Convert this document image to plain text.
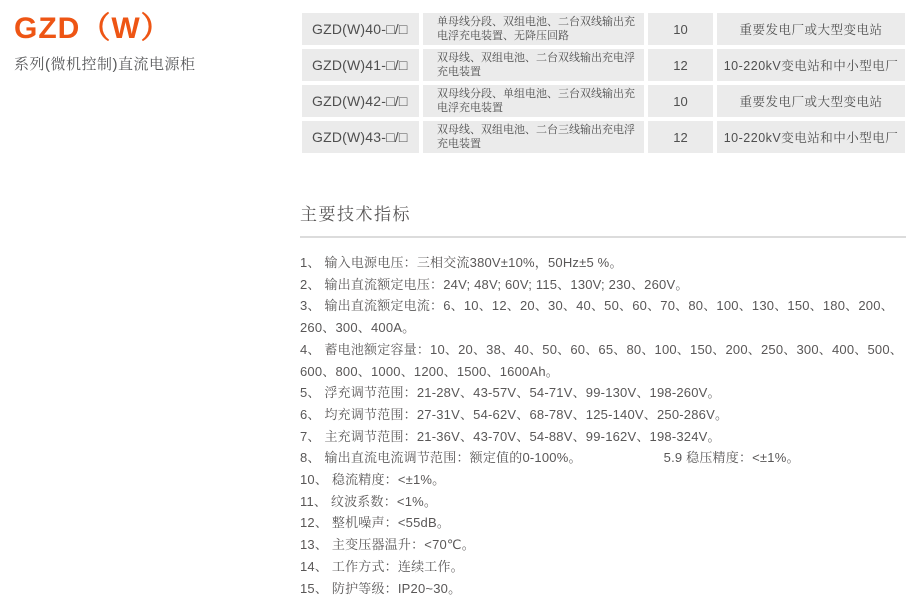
GZD（W）

系列(微机控制)直流电源柜

GZD(W)40-□/□	单母线分段、双组电池、二台双线输出充电浮充电装置、无降压回路	10	重要发电厂或大型变电站
GZD(W)41-□/□	双母线、双组电池、二台双线输出充电浮充电装置	12	10-220kV变电站和中小型电厂
GZD(W)42-□/□	双母线分段、单组电池、三台双线输出充电浮充电装置	10	重要发电厂或大型变电站
GZD(W)43-□/□	双母线、双组电池、二台三线输出充电浮充电装置	12	10-220kV变电站和中小型电厂
主要技术指标

1、 输入电源电压：三相交流380V±10%，50Hz±5 %。

2、 输出直流额定电压：24V; 48V; 60V; 115、130V; 230、260V。

3、 输出直流额定电流：6、10、12、20、30、40、50、60、70、80、100、130、150、180、200、260、300、400A。

4、 蓄电池额定容量：10、20、38、40、50、60、65、80、100、150、200、250、300、400、500、600、800、1000、1200、1500、1600Ah。

5、 浮充调节范围：21-28V、43-57V、54-71V、99-130V、198-260V。

6、 均充调节范围：27-31V、54-62V、68-78V、125-140V、250-286V。

7、 主充调节范围：21-36V、43-70V、54-88V、99-162V、198-324V。

8、 输出直流电流调节范围：额定值的0-100%。	5.9 稳压精度：<±1%。

10、 稳流精度：<±1%。

11、 纹波系数：<1%。

12、 整机噪声：<55dB。

13、 主变压器温升：<70℃。

14、 工作方式：连续工作。

15、 防护等级：IP20~30。
